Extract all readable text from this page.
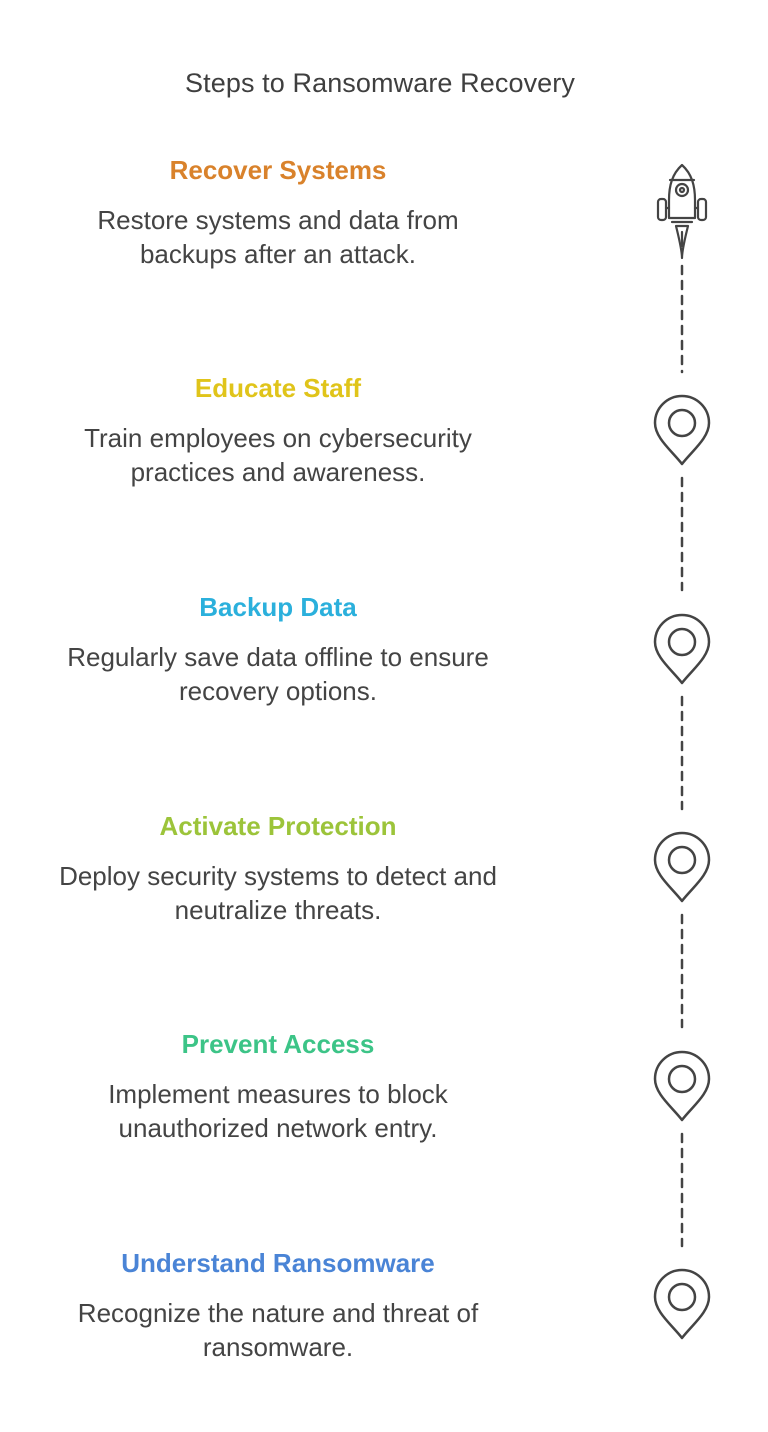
Steps to Ransomware Recovery

Recover Systems

Restore systems and data from backups after an attack.

Educate Staff

Train employees on cybersecurity practices and awareness.

Backup Data

Regularly save data offline to ensure recovery options.

Activate Protection

Deploy security systems to detect and neutralize threats.

Prevent Access

Implement measures to block unauthorized network entry.

Understand Ransomware

Recognize the nature and threat of ransomware.
